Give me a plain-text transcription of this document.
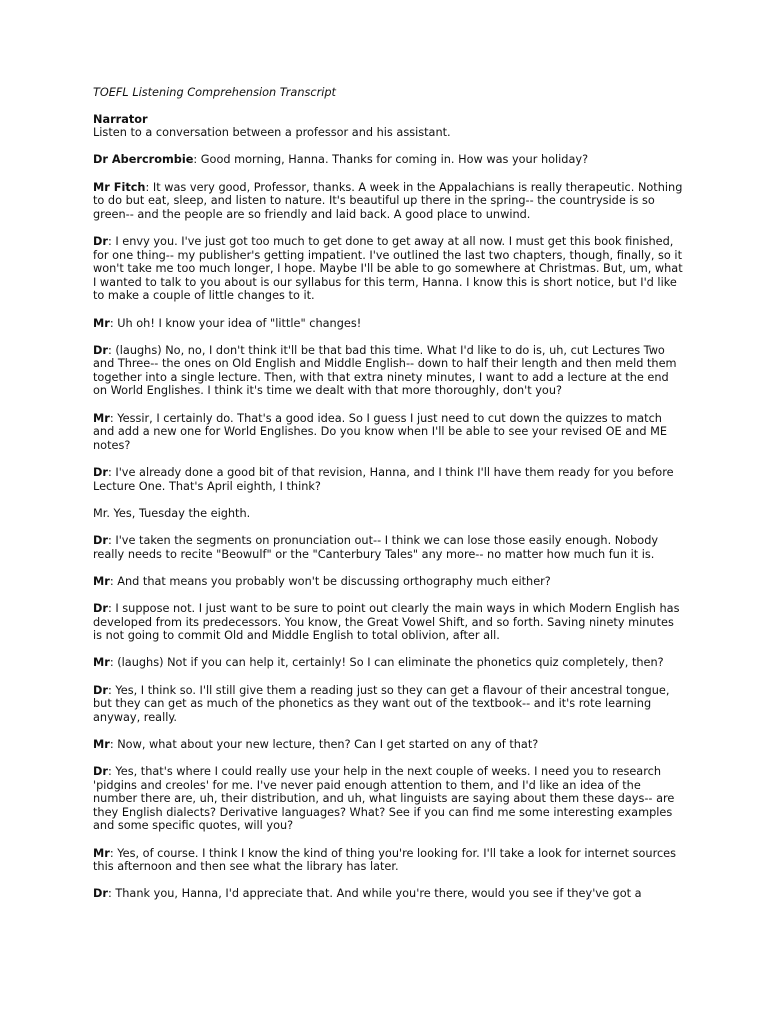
TOEFL Listening Comprehension Transcript
Narrator
Listen to a conversation between a professor and his assistant.
Dr Abercrombie: Good morning, Hanna. Thanks for coming in. How was your holiday?
Mr Fitch: It was very good, Professor, thanks. A week in the Appalachians is really therapeutic. Nothing to do but eat, sleep, and listen to nature. It's beautiful up there in the spring-- the countryside is so green-- and the people are so friendly and laid back. A good place to unwind.
Dr: I envy you. I've just got too much to get done to get away at all now. I must get this book finished, for one thing-- my publisher's getting impatient. I've outlined the last two chapters, though, finally, so it won't take me too much longer, I hope. Maybe I'll be able to go somewhere at Christmas. But, um, what I wanted to talk to you about is our syllabus for this term, Hanna. I know this is short notice, but I'd like to make a couple of little changes to it.
Mr: Uh oh! I know your idea of "little" changes!
Dr: (laughs) No, no, I don't think it'll be that bad this time. What I'd like to do is, uh, cut Lectures Two and Three-- the ones on Old English and Middle English-- down to half their length and then meld them together into a single lecture. Then, with that extra ninety minutes, I want to add a lecture at the end on World Englishes. I think it's time we dealt with that more thoroughly, don't you?
Mr: Yessir, I certainly do. That's a good idea. So I guess I just need to cut down the quizzes to match and add a new one for World Englishes. Do you know when I'll be able to see your revised OE and ME notes?
Dr: I've already done a good bit of that revision, Hanna, and I think I'll have them ready for you before Lecture One. That's April eighth, I think?
Mr. Yes, Tuesday the eighth.
Dr: I've taken the segments on pronunciation out-- I think we can lose those easily enough. Nobody really needs to recite "Beowulf" or the "Canterbury Tales" any more-- no matter how much fun it is.
Mr: And that means you probably won't be discussing orthography much either?
Dr: I suppose not. I just want to be sure to point out clearly the main ways in which Modern English has developed from its predecessors. You know, the Great Vowel Shift, and so forth. Saving ninety minutes is not going to commit Old and Middle English to total oblivion, after all.
Mr: (laughs) Not if you can help it, certainly! So I can eliminate the phonetics quiz completely, then?
Dr: Yes, I think so. I'll still give them a reading just so they can get a flavour of their ancestral tongue, but they can get as much of the phonetics as they want out of the textbook-- and it's rote learning anyway, really.
Mr: Now, what about your new lecture, then? Can I get started on any of that?
Dr: Yes, that's where I could really use your help in the next couple of weeks. I need you to research 'pidgins and creoles' for me. I've never paid enough attention to them, and I'd like an idea of the number there are, uh, their distribution, and uh, what linguists are saying about them these days-- are they English dialects? Derivative languages? What? See if you can find me some interesting examples and some specific quotes, will you?
Mr: Yes, of course. I think I know the kind of thing you're looking for. I'll take a look for internet sources this afternoon and then see what the library has later.
Dr: Thank you, Hanna, I'd appreciate that. And while you're there, would you see if they've got a
